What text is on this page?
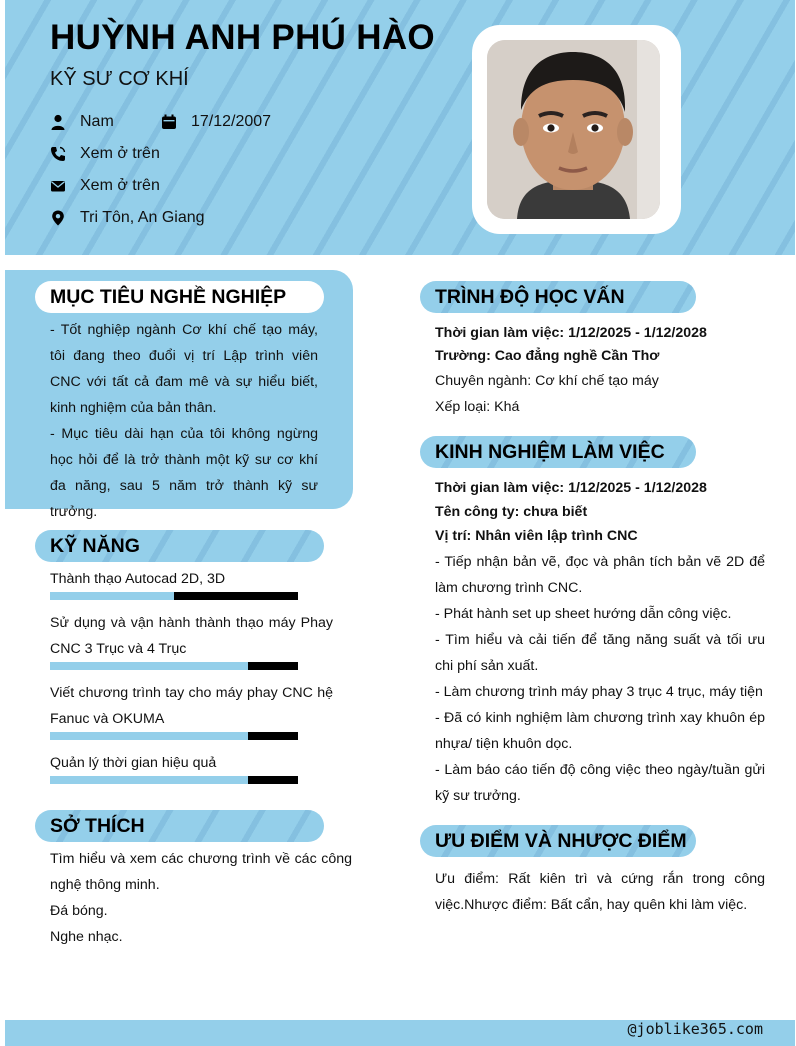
HUỲNH ANH PHÚ HÀO
KỸ SƯ CƠ KHÍ
Nam	17/12/2007
Xem ở trên
Xem ở trên
Tri Tôn, An Giang
MỤC TIÊU NGHỀ NGHIỆP
- Tốt nghiệp ngành Cơ khí chế tạo máy, tôi đang theo đuổi vị trí Lập trình viên CNC với tất cả đam mê và sự hiểu biết, kinh nghiệm của bản thân.
- Mục tiêu dài hạn của tôi không ngừng học hỏi để là trở thành một kỹ sư cơ khí đa năng, sau 5 năm trở thành kỹ sư trưởng.
KỸ NĂNG
Thành thạo Autocad 2D, 3D
Sử dụng và vận hành thành thạo máy Phay CNC 3 Trục và 4 Trục
Viết chương trình tay cho máy phay CNC hệ Fanuc và OKUMA
Quản lý thời gian hiệu quả
SỞ THÍCH
Tìm hiểu và xem các chương trình về các công nghệ thông minh.
Đá bóng.
Nghe nhạc.
TRÌNH ĐỘ HỌC VẤN
Thời gian làm việc: 1/12/2025 - 1/12/2028
Trường: Cao đẳng nghề Cần Thơ
Chuyên ngành: Cơ khí chế tạo máy
Xếp loại: Khá
KINH NGHIỆM LÀM VIỆC
Thời gian làm việc: 1/12/2025 - 1/12/2028
Tên công ty: chưa biết
Vị trí: Nhân viên lập trình CNC
- Tiếp nhận bản vẽ, đọc và phân tích bản vẽ 2D để làm chương trình CNC.
- Phát hành set up sheet hướng dẫn công việc.
- Tìm hiểu và cải tiến để tăng năng suất và tối ưu chi phí sản xuất.
- Làm chương trình máy phay 3 trục 4 trục, máy tiện
- Đã có kinh nghiệm làm chương trình xay khuôn ép nhựa/ tiện khuôn dọc.
- Làm báo cáo tiến độ công việc theo ngày/tuần gửi kỹ sư trưởng.
ƯU ĐIỂM VÀ NHƯỢC ĐIỂM
Ưu điểm: Rất kiên trì và cứng rắn trong công việc.Nhược điểm: Bất cẩn, hay quên khi làm việc.
@joblike365.com
